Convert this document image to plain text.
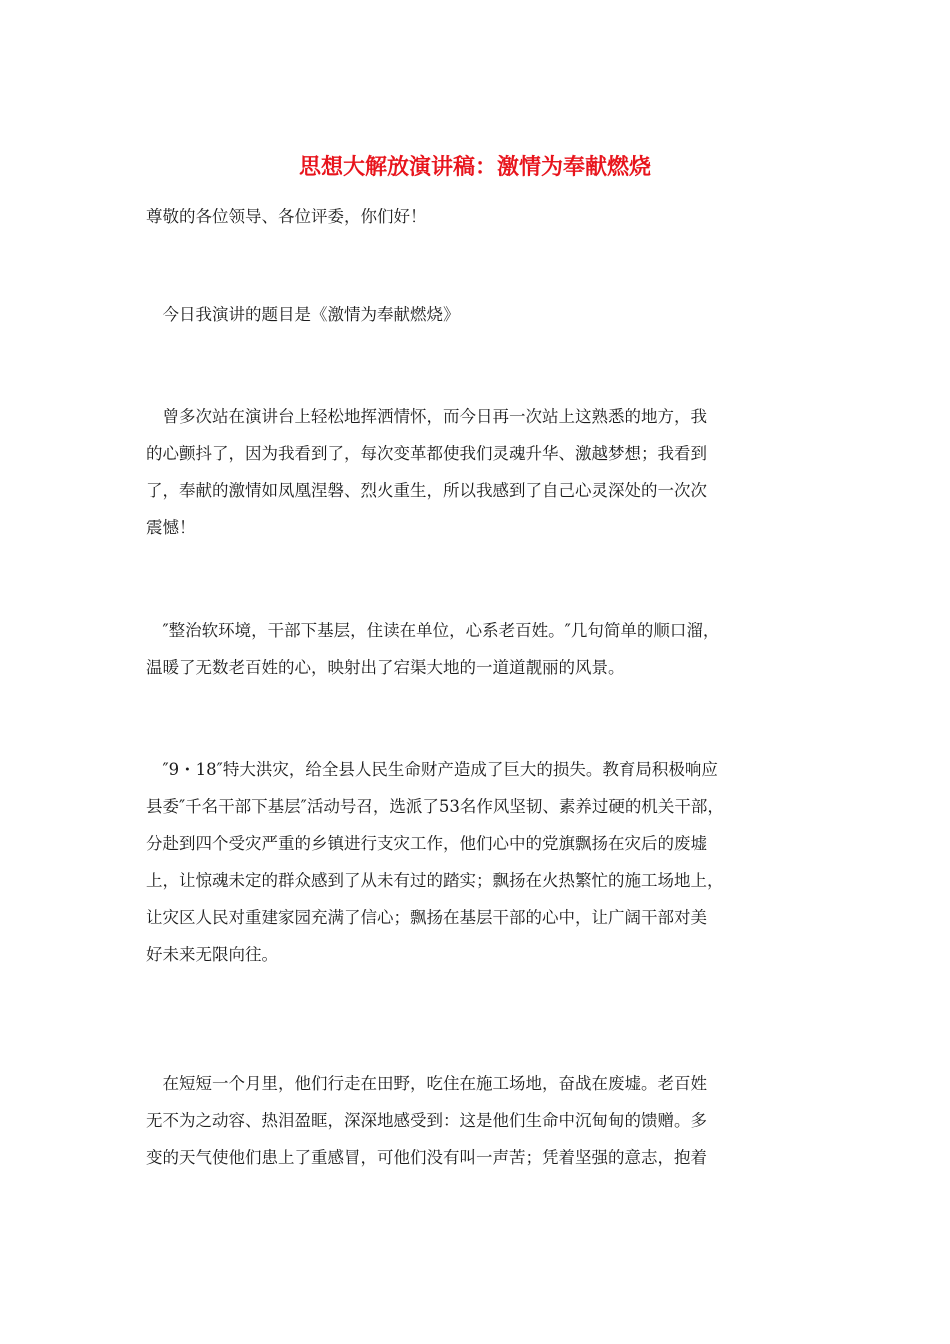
思想大解放演讲稿：激情为奉献燃烧

尊敬的各位领导、各位评委，你们好！

　今日我演讲的题目是《激情为奉献燃烧》

　曾多次站在演讲台上轻松地挥洒情怀，而今日再一次站上这熟悉的地方，我
的心颤抖了，因为我看到了，每次变革都使我们灵魂升华、激越梦想；我看到
了，奉献的激情如凤凰涅磐、烈火重生，所以我感到了自己心灵深处的一次次
震憾！

　″整治软环境，干部下基层，住读在单位，心系老百姓。″几句简单的顺口溜，
温暖了无数老百姓的心，映射出了宕渠大地的一道道靓丽的风景。

　″9・18″特大洪灾，给全县人民生命财产造成了巨大的损失。教育局积极响应
县委″千名干部下基层″活动号召，选派了53名作风坚韧、素养过硬的机关干部，
分赴到四个受灾严重的乡镇进行支灾工作，他们心中的党旗飘扬在灾后的废墟
上，让惊魂未定的群众感到了从未有过的踏实；飘扬在火热繁忙的施工场地上，
让灾区人民对重建家园充满了信心；飘扬在基层干部的心中，让广阔干部对美
好未来无限向往。

　在短短一个月里，他们行走在田野，吃住在施工场地，奋战在废墟。老百姓
无不为之动容、热泪盈眶，深深地感受到：这是他们生命中沉甸甸的馈赠。多
变的天气使他们患上了重感冒，可他们没有叫一声苦；凭着坚强的意志，抱着
